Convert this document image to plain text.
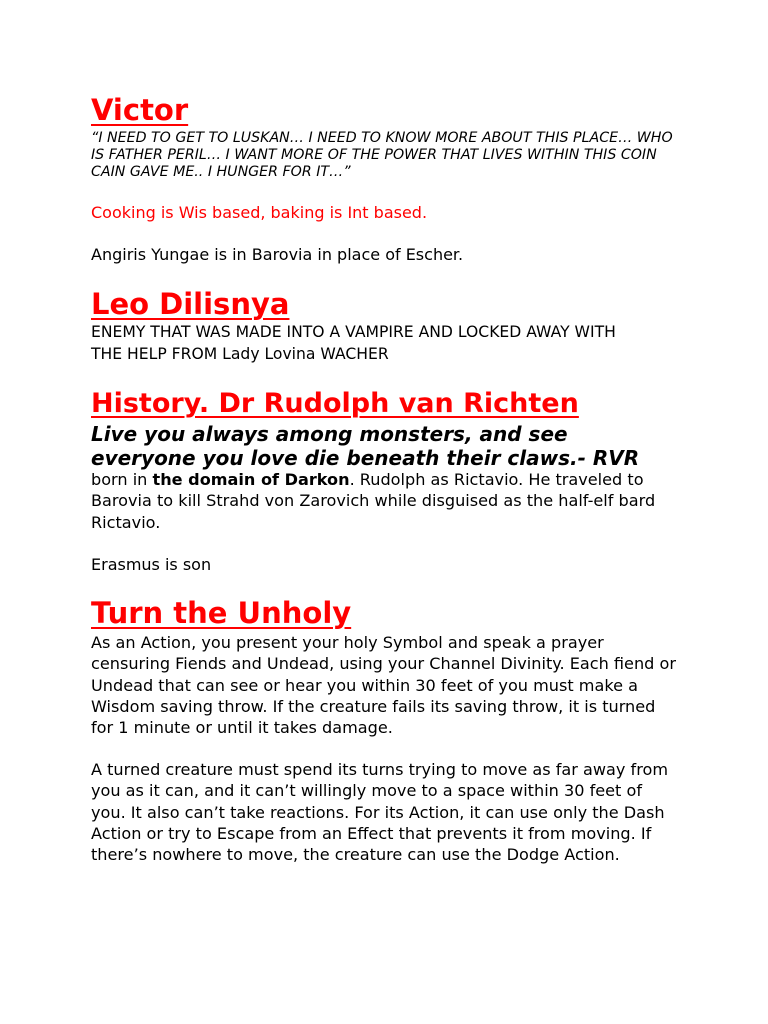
Victor
“I NEED TO GET TO LUSKAN… I NEED TO KNOW MORE ABOUT THIS PLACE… WHO IS FATHER PERIL… I WANT MORE OF THE POWER THAT LIVES WITHIN THIS COIN CAIN GAVE ME.. I HUNGER FOR IT…”
Cooking is Wis based, baking is Int based.
Angiris Yungae is in Barovia in place of Escher.
Leo Dilisnya
ENEMY THAT WAS MADE INTO A VAMPIRE AND LOCKED AWAY WITH THE HELP FROM Lady Lovina WACHER
History. Dr Rudolph van Richten
Live you always among monsters, and see everyone you love die beneath their claws.- RVR
born in the domain of Darkon. Rudolph as Rictavio. He traveled to Barovia to kill Strahd von Zarovich while disguised as the half-elf bard Rictavio.
Erasmus is son
Turn the Unholy
As an Action, you present your holy Symbol and speak a prayer censuring Fiends and Undead, using your Channel Divinity. Each fiend or Undead that can see or hear you within 30 feet of you must make a Wisdom saving throw. If the creature fails its saving throw, it is turned for 1 minute or until it takes damage.
A turned creature must spend its turns trying to move as far away from you as it can, and it can’t willingly move to a space within 30 feet of you. It also can’t take reactions. For its Action, it can use only the Dash Action or try to Escape from an Effect that prevents it from moving. If there’s nowhere to move, the creature can use the Dodge Action.
